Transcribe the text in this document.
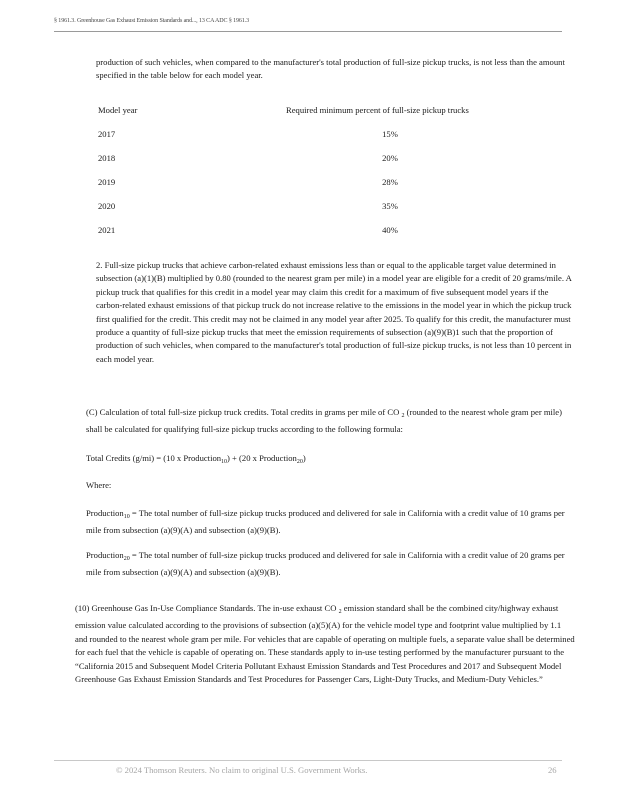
§ 1961.3. Greenhouse Gas Exhaust Emission Standards and..., 13 CA ADC § 1961.3
production of such vehicles, when compared to the manufacturer's total production of full-size pickup trucks, is not less than the amount specified in the table below for each model year.
Model year	Required minimum percent of full-size pickup trucks
2017	15%
2018	20%
2019	28%
2020	35%
2021	40%
2. Full-size pickup trucks that achieve carbon-related exhaust emissions less than or equal to the applicable target value determined in subsection (a)(1)(B) multiplied by 0.80 (rounded to the nearest gram per mile) in a model year are eligible for a credit of 20 grams/mile. A pickup truck that qualifies for this credit in a model year may claim this credit for a maximum of five subsequent model years if the carbon-related exhaust emissions of that pickup truck do not increase relative to the emissions in the model year in which the pickup truck first qualified for the credit. This credit may not be claimed in any model year after 2025. To qualify for this credit, the manufacturer must produce a quantity of full-size pickup trucks that meet the emission requirements of subsection (a)(9)(B)1 such that the proportion of production of such vehicles, when compared to the manufacturer's total production of full-size pickup trucks, is not less than 10 percent in each model year.
(C) Calculation of total full-size pickup truck credits. Total credits in grams per mile of CO $_2$ (rounded to the nearest whole gram per mile) shall be calculated for qualifying full-size pickup trucks according to the following formula:
Total Credits (g/mi) = (10 x Production$_{10}$) + (20 x Production$_{20}$)
Where:
Production$_{10}$ = The total number of full-size pickup trucks produced and delivered for sale in California with a credit value of 10 grams per mile from subsection (a)(9)(A) and subsection (a)(9)(B).
Production$_{20}$ = The total number of full-size pickup trucks produced and delivered for sale in California with a credit value of 20 grams per mile from subsection (a)(9)(A) and subsection (a)(9)(B).
(10) Greenhouse Gas In-Use Compliance Standards. The in-use exhaust CO $_2$ emission standard shall be the combined city/highway exhaust emission value calculated according to the provisions of subsection (a)(5)(A) for the vehicle model type and footprint value multiplied by 1.1 and rounded to the nearest whole gram per mile. For vehicles that are capable of operating on multiple fuels, a separate value shall be determined for each fuel that the vehicle is capable of operating on. These standards apply to in-use testing performed by the manufacturer pursuant to the “California 2015 and Subsequent Model Criteria Pollutant Exhaust Emission Standards and Test Procedures and 2017 and Subsequent Model Greenhouse Gas Exhaust Emission Standards and Test Procedures for Passenger Cars, Light-Duty Trucks, and Medium-Duty Vehicles.”
© 2024 Thomson Reuters. No claim to original U.S. Government Works.	26
